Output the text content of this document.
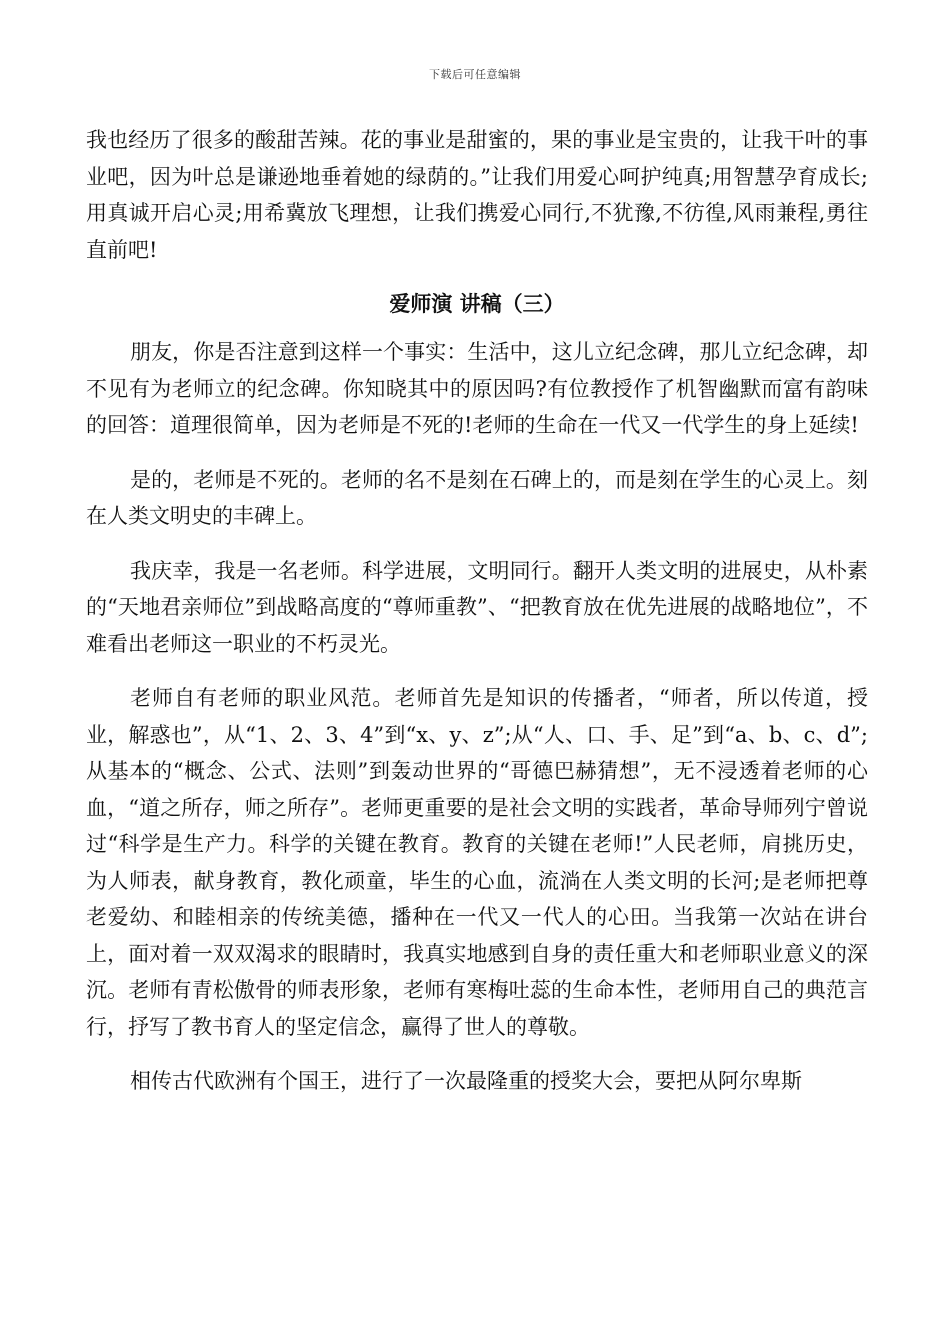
下载后可任意编辑

我也经历了很多的酸甜苦辣。花的事业是甜蜜的，果的事业是宝贵的，让我干叶的事业吧，因为叶总是谦逊地垂着她的绿荫的。”让我们用爱心呵护纯真;用智慧孕育成长;用真诚开启心灵;用希冀放飞理想，让我们携爱心同行,不犹豫,不彷徨,风雨兼程,勇往直前吧!

爱师演 讲稿（三）

朋友，你是否注意到这样一个事实：生活中，这儿立纪念碑，那儿立纪念碑，却不见有为老师立的纪念碑。你知晓其中的原因吗?有位教授作了机智幽默而富有韵味的回答：道理很简单，因为老师是不死的!老师的生命在一代又一代学生的身上延续!

是的，老师是不死的。老师的名不是刻在石碑上的，而是刻在学生的心灵上。刻在人类文明史的丰碑上。

我庆幸，我是一名老师。科学进展，文明同行。翻开人类文明的进展史，从朴素的“天地君亲师位”到战略高度的“尊师重教”、“把教育放在优先进展的战略地位”，不难看出老师这一职业的不朽灵光。

老师自有老师的职业风范。老师首先是知识的传播者，“师者，所以传道，授业，解惑也”，从“1、2、3、4”到“x、y、z”;从“人、口、手、足”到“a、b、c、d”;从基本的“概念、公式、法则”到轰动世界的“哥德巴赫猜想”，无不浸透着老师的心血，“道之所存，师之所存”。老师更重要的是社会文明的实践者，革命导师列宁曾说过“科学是生产力。科学的关键在教育。教育的关键在老师!”人民老师，肩挑历史，为人师表，献身教育，教化顽童，毕生的心血，流淌在人类文明的长河;是老师把尊老爱幼、和睦相亲的传统美德，播种在一代又一代人的心田。当我第一次站在讲台上，面对着一双双渴求的眼睛时，我真实地感到自身的责任重大和老师职业意义的深沉。老师有青松傲骨的师表形象，老师有寒梅吐蕊的生命本性，老师用自己的典范言行，抒写了教书育人的坚定信念，赢得了世人的尊敬。

相传古代欧洲有个国王，进行了一次最隆重的授奖大会，要把从阿尔卑斯
